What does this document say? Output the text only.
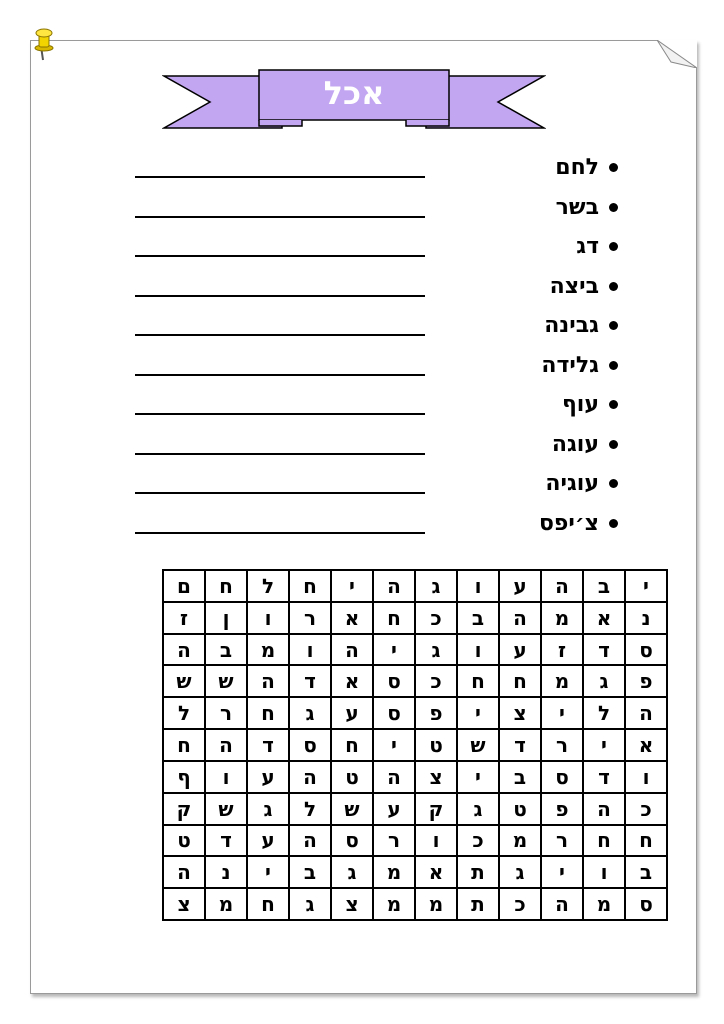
אכל
לחם
בשר
דג
ביצה
גבינה
גלידה
עוף
עוגה
עוגיה
צ׳יפס
י	ב	ה	ע	ו	ג	ה	י	ח	ל	ח	ם
נ	א	מ	ה	ב	כ	ח	א	ר	ו	ן	ז
ס	ד	ז	ע	ו	ג	י	ה	ו	מ	ב	ה
פ	ג	מ	ח	ח	כ	ס	א	ד	ה	ש	ש
ה	ל	י	צ	י	פ	ס	ע	ג	ח	ר	ל
א	י	ר	ד	ש	ט	י	ח	ס	ד	ה	ח
ו	ד	ס	ב	י	צ	ה	ט	ה	ע	ו	ף
כ	ה	פ	ט	ג	ק	ע	ש	ל	ג	ש	ק
ח	ח	ר	מ	כ	ו	ר	ס	ה	ע	ד	ט
ב	ו	י	ג	ת	א	מ	ג	ב	י	נ	ה
ס	מ	ה	כ	ת	מ	מ	צ	ג	ח	מ	צ
